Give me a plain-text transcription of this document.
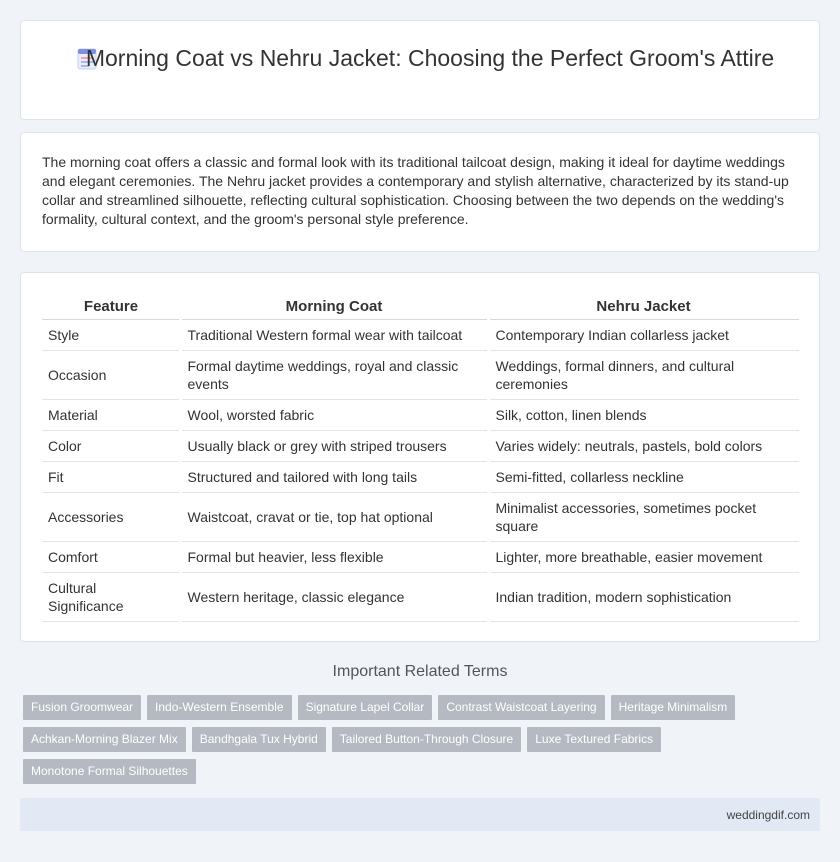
Morning Coat vs Nehru Jacket: Choosing the Perfect Groom's Attire

The morning coat offers a classic and formal look with its traditional tailcoat design, making it ideal for daytime weddings and elegant ceremonies. The Nehru jacket provides a contemporary and stylish alternative, characterized by its stand-up collar and streamlined silhouette, reflecting cultural sophistication. Choosing between the two depends on the wedding's formality, cultural context, and the groom's personal style preference.

Feature	Morning Coat	Nehru Jacket
Style	Traditional Western formal wear with tailcoat	Contemporary Indian collarless jacket
Occasion	Formal daytime weddings, royal and classic events	Weddings, formal dinners, and cultural ceremonies
Material	Wool, worsted fabric	Silk, cotton, linen blends
Color	Usually black or grey with striped trousers	Varies widely: neutrals, pastels, bold colors
Fit	Structured and tailored with long tails	Semi-fitted, collarless neckline
Accessories	Waistcoat, cravat or tie, top hat optional	Minimalist accessories, sometimes pocket square
Comfort	Formal but heavier, less flexible	Lighter, more breathable, easier movement
Cultural Significance	Western heritage, classic elegance	Indian tradition, modern sophistication
Important Related Terms
Fusion Groomwear Indo-Western Ensemble Signature Lapel Collar Contrast Waistcoat Layering Heritage Minimalism
Achkan-Morning Blazer Mix Bandhgala Tux Hybrid Tailored Button-Through Closure Luxe Textured Fabrics
Monotone Formal Silhouettes
weddingdif.com
